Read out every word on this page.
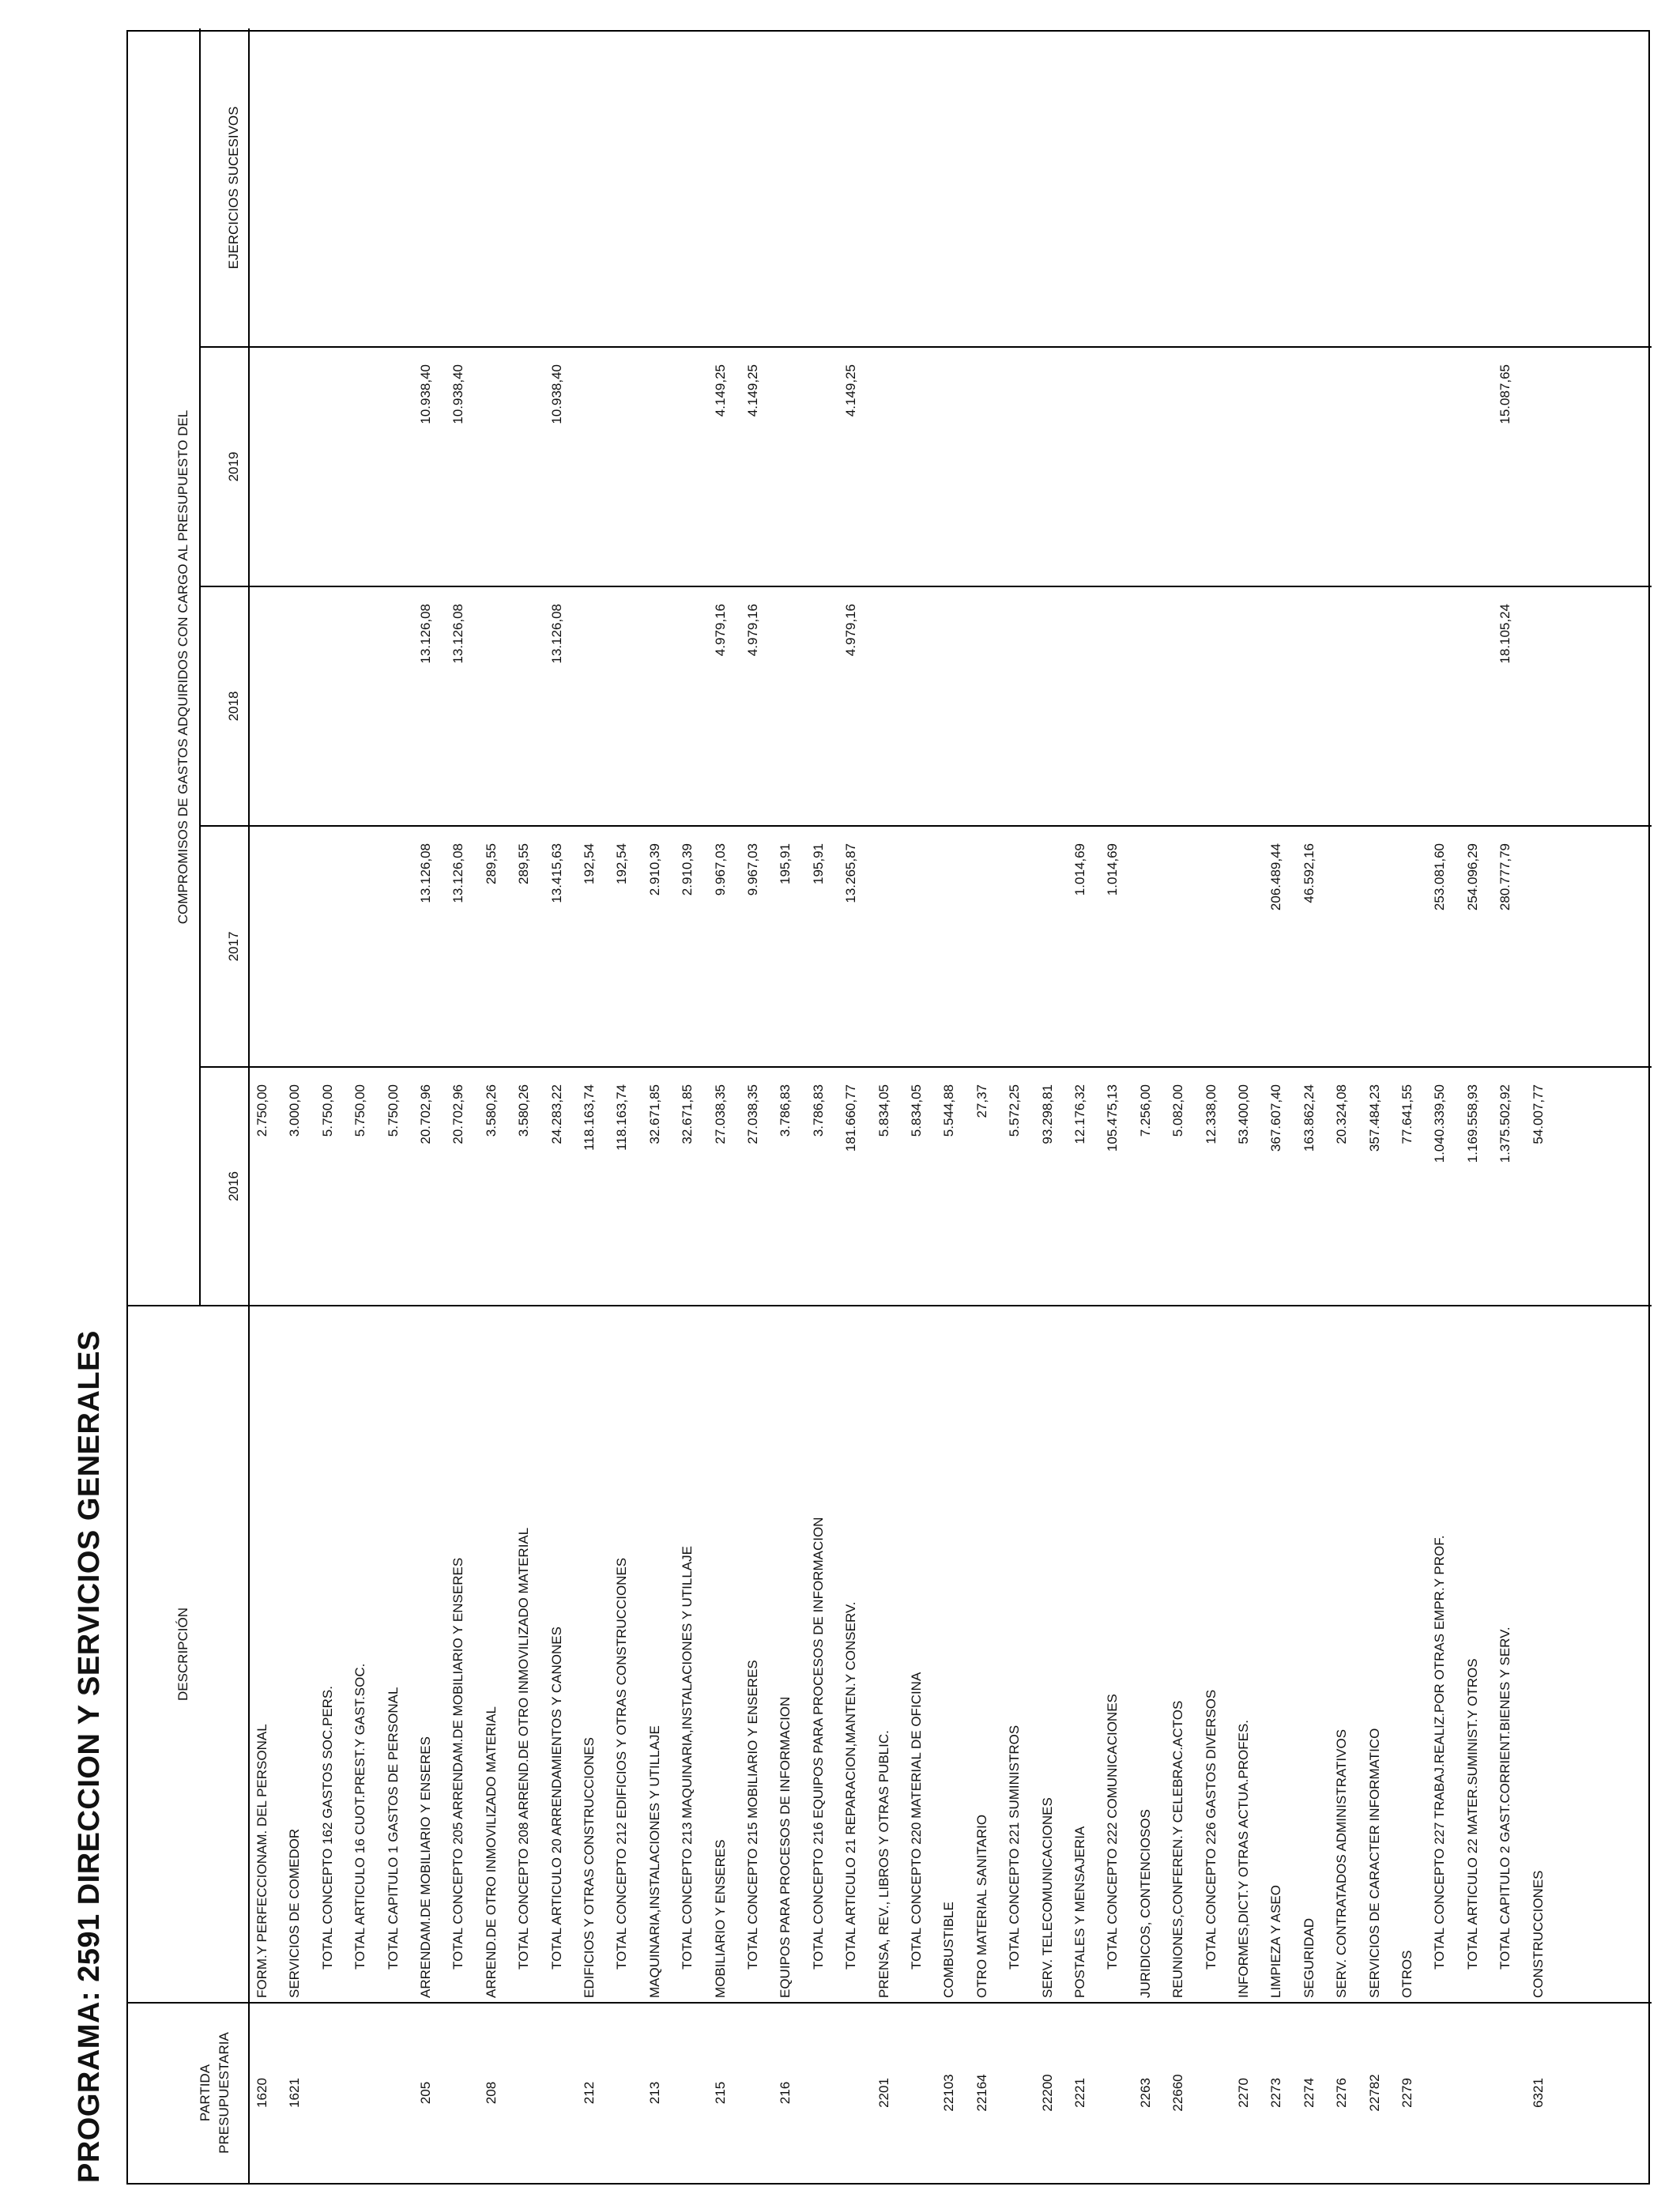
PROGRAMA: 2591 DIRECCION Y SERVICIOS GENERALES	PARTIDA PRESUPUESTARIA
DESCRIPCIÓN
COMPROMISOS DE GASTOS ADQUIRIDOS CON CARGO AL PRESUPUESTO DEL
2016
2017
2018
2019
EJERCICIOS SUCESIVOS
1620
FORM.Y PERFECCIONAM. DEL PERSONAL
2.750,00
1621
SERVICIOS DE COMEDOR
3.000,00
TOTAL CONCEPTO 162 GASTOS SOC.PERS.
5.750,00
TOTAL ARTICULO 16 CUOT.PREST.Y GAST.SOC.
5.750,00
TOTAL CAPITULO 1 GASTOS DE PERSONAL
5.750,00
205
ARRENDAM.DE MOBILIARIO Y ENSERES
20.702,96
13.126,08
13.126,08
10.938,40
TOTAL CONCEPTO 205 ARRENDAM.DE MOBILIARIO Y ENSERES
20.702,96
13.126,08
13.126,08
10.938,40
208
ARREND.DE OTRO INMOVILIZADO MATERIAL
3.580,26
289,55
TOTAL CONCEPTO 208 ARREND.DE OTRO INMOVILIZADO MATERIAL
3.580,26
289,55
TOTAL ARTICULO 20 ARRENDAMIENTOS Y CANONES
24.283,22
13.415,63
13.126,08
10.938,40
212
EDIFICIOS Y OTRAS CONSTRUCCIONES
118.163,74
192,54
TOTAL CONCEPTO 212 EDIFICIOS Y OTRAS CONSTRUCCIONES
118.163,74
192,54
213
MAQUINARIA,INSTALACIONES Y UTILLAJE
32.671,85
2.910,39
TOTAL CONCEPTO 213 MAQUINARIA,INSTALACIONES Y UTILLAJE
32.671,85
2.910,39
215
MOBILIARIO Y ENSERES
27.038,35
9.967,03
4.979,16
4.149,25
TOTAL CONCEPTO 215 MOBILIARIO Y ENSERES
27.038,35
9.967,03
4.979,16
4.149,25
216
EQUIPOS PARA PROCESOS DE INFORMACION
3.786,83
195,91
TOTAL CONCEPTO 216 EQUIPOS PARA PROCESOS DE INFORMACION
3.786,83
195,91
TOTAL ARTICULO 21 REPARACION,MANTEN.Y CONSERV.
181.660,77
13.265,87
4.979,16
4.149,25
2201
PRENSA, REV., LIBROS Y OTRAS PUBLIC.
5.834,05
TOTAL CONCEPTO 220 MATERIAL DE OFICINA
5.834,05
22103
COMBUSTIBLE
5.544,88
22164
OTRO MATERIAL SANITARIO
27,37
TOTAL CONCEPTO 221 SUMINISTROS
5.572,25
22200
SERV. TELECOMUNICACIONES
93.298,81
2221
POSTALES Y MENSAJERIA
12.176,32
1.014,69
TOTAL CONCEPTO 222 COMUNICACIONES
105.475,13
1.014,69
2263
JURIDICOS, CONTENCIOSOS
7.256,00
22660
REUNIONES,CONFEREN.Y CELEBRAC.ACTOS
5.082,00
TOTAL CONCEPTO 226 GASTOS DIVERSOS
12.338,00
2270
INFORMES,DICT.Y OTRAS ACTUA.PROFES.
53.400,00
2273
LIMPIEZA Y ASEO
367.607,40
206.489,44
2274
SEGURIDAD
163.862,24
46.592,16
2276
SERV. CONTRATADOS ADMINISTRATIVOS
20.324,08
22782
SERVICIOS DE CARACTER INFORMATICO
357.484,23
2279
OTROS
77.641,55
TOTAL CONCEPTO 227 TRABAJ.REALIZ.POR OTRAS EMPR.Y PROF.
1.040.339,50
253.081,60
TOTAL ARTICULO 22 MATER.SUMINIST.Y OTROS
1.169.558,93
254.096,29
TOTAL CAPITULO 2 GAST.CORRIENT.BIENES Y SERV.
1.375.502,92
280.777,79
18.105,24
15.087,65
6321
CONSTRUCCIONES
54.007,77
